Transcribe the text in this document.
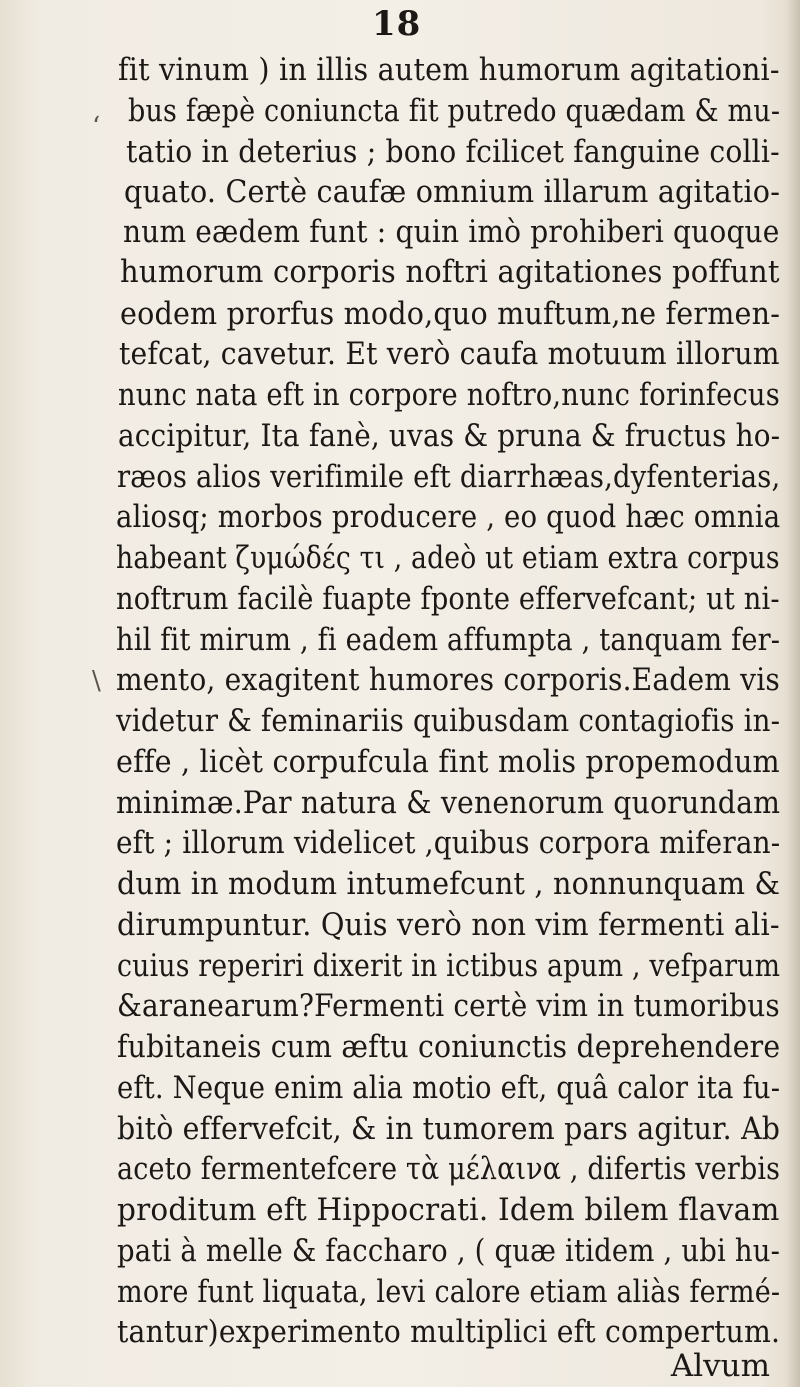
18
‘
\
fit vinum ) in illis autem humorum agitationi-
bus fæpè coniuncta fit putredo quædam & mu-
tatio in deterius ; bono fcilicet fanguine colli-
quato. Certè caufæ omnium illarum agitatio-
num eædem funt : quin imò prohiberi quoque
humorum corporis noftri agitationes poffunt
eodem prorfus modo,quo muftum,ne fermen-
tefcat, cavetur. Et verò caufa motuum illorum
nunc nata eft in corpore noftro,nunc forinfecus
accipitur, Ita fanè, uvas & pruna & fructus ho-
ræos alios verifimile eft diarrhæas,dyfenterias,
aliosq; morbos producere , eo quod hæc omnia
habeant ζυμώδές τι , adeò ut etiam extra corpus
noftrum facilè fuapte fponte effervefcant; ut ni-
hil fit mirum , fi eadem affumpta , tanquam fer-
mento, exagitent humores corporis.Eadem vis
videtur & feminariis quibusdam contagiofis in-
effe , licèt corpufcula fint molis propemodum
minimæ.Par natura & venenorum quorundam
eft ; illorum videlicet ,quibus corpora miferan-
dum in modum intumefcunt , nonnunquam &
dirumpuntur. Quis verò non vim fermenti ali-
cuius reperiri dixerit in ictibus apum , vefparum
&aranearum?Fermenti certè vim in tumoribus
fubitaneis cum æftu coniunctis deprehendere
eft. Neque enim alia motio eft, quâ calor ita fu-
bitò effervefcit, & in tumorem pars agitur. Ab
aceto fermentefcere τὰ μέλαινα , difertis verbis
proditum eft Hippocrati. Idem bilem flavam
pati à melle & faccharo , ( quæ itidem , ubi hu-
more funt liquata, levi calore etiam aliàs fermé-
tantur)experimento multiplici eft compertum.
Alvum
